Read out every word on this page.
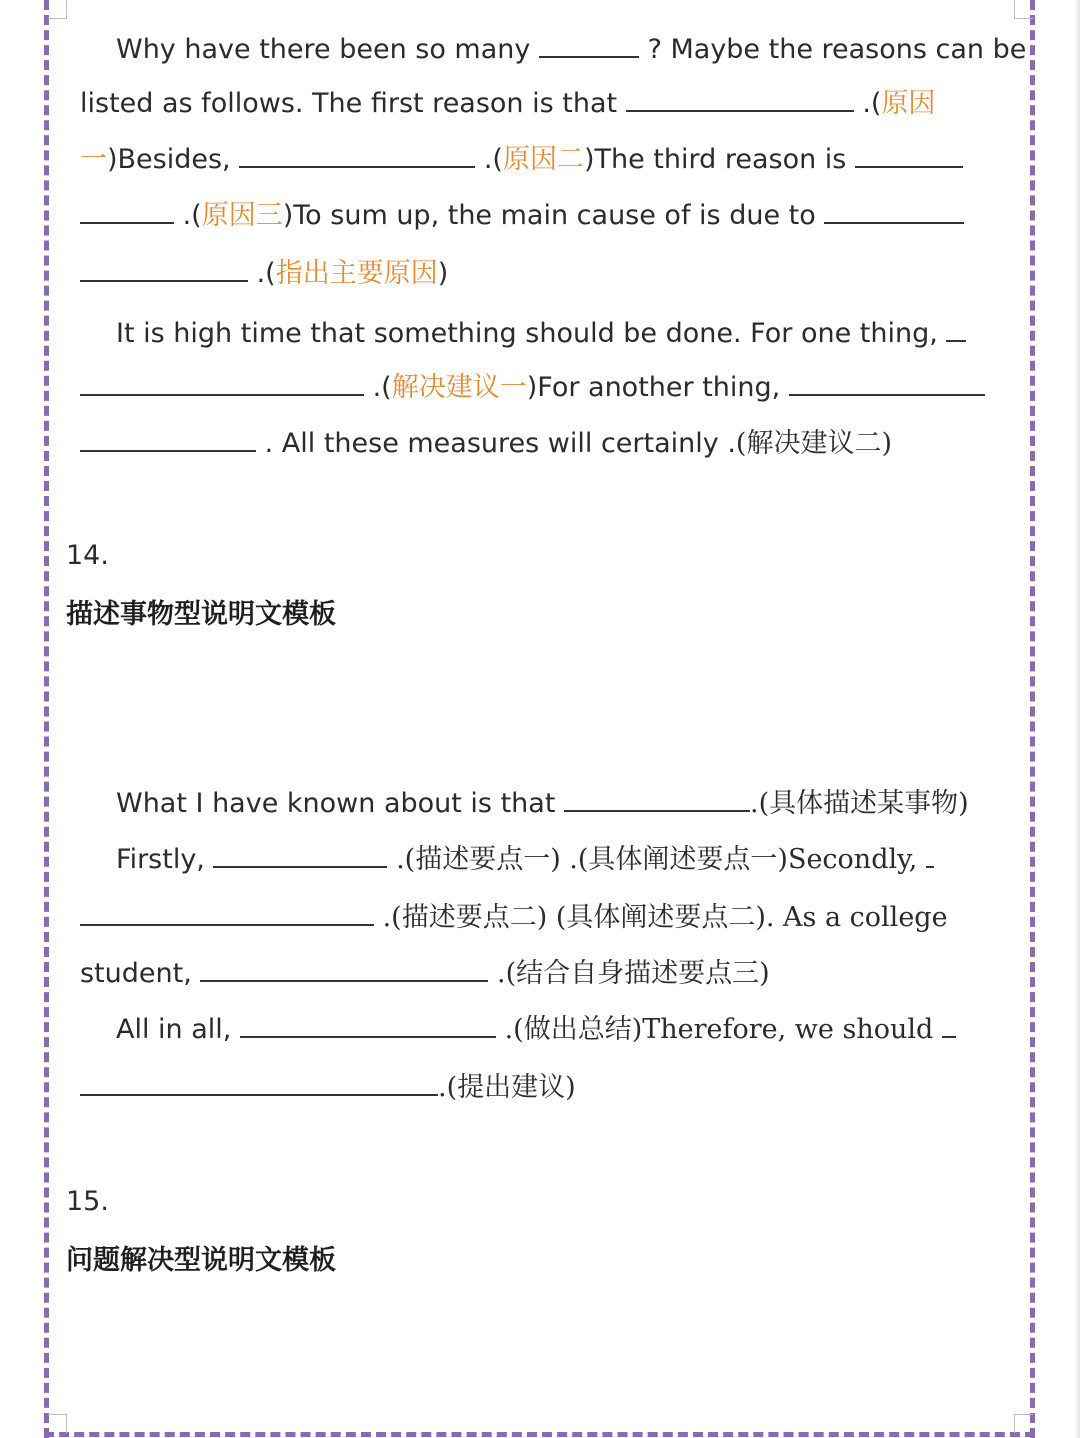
Why have there been so many	? Maybe the reasons can be
listed as follows. The first reason is that	.(原因
一)Besides,	.(原因二)The third reason is
.(原因三)To sum up, the main cause of is due to
.(指出主要原因)
It is high time that something should be done. For one thing,
.(解决建议一)For another thing,
. All these measures will certainly .(解决建议二)
14.
描述事物型说明文模板
What I have known about is that	.(具体描述某事物)
Firstly,	.(描述要点一) .(具体阐述要点一)Secondly,
.(描述要点二) (具体阐述要点二). As a college
student,	.(结合自身描述要点三)
All in all,	.(做出总结)Therefore, we should
.(提出建议)
15.
问题解决型说明文模板
